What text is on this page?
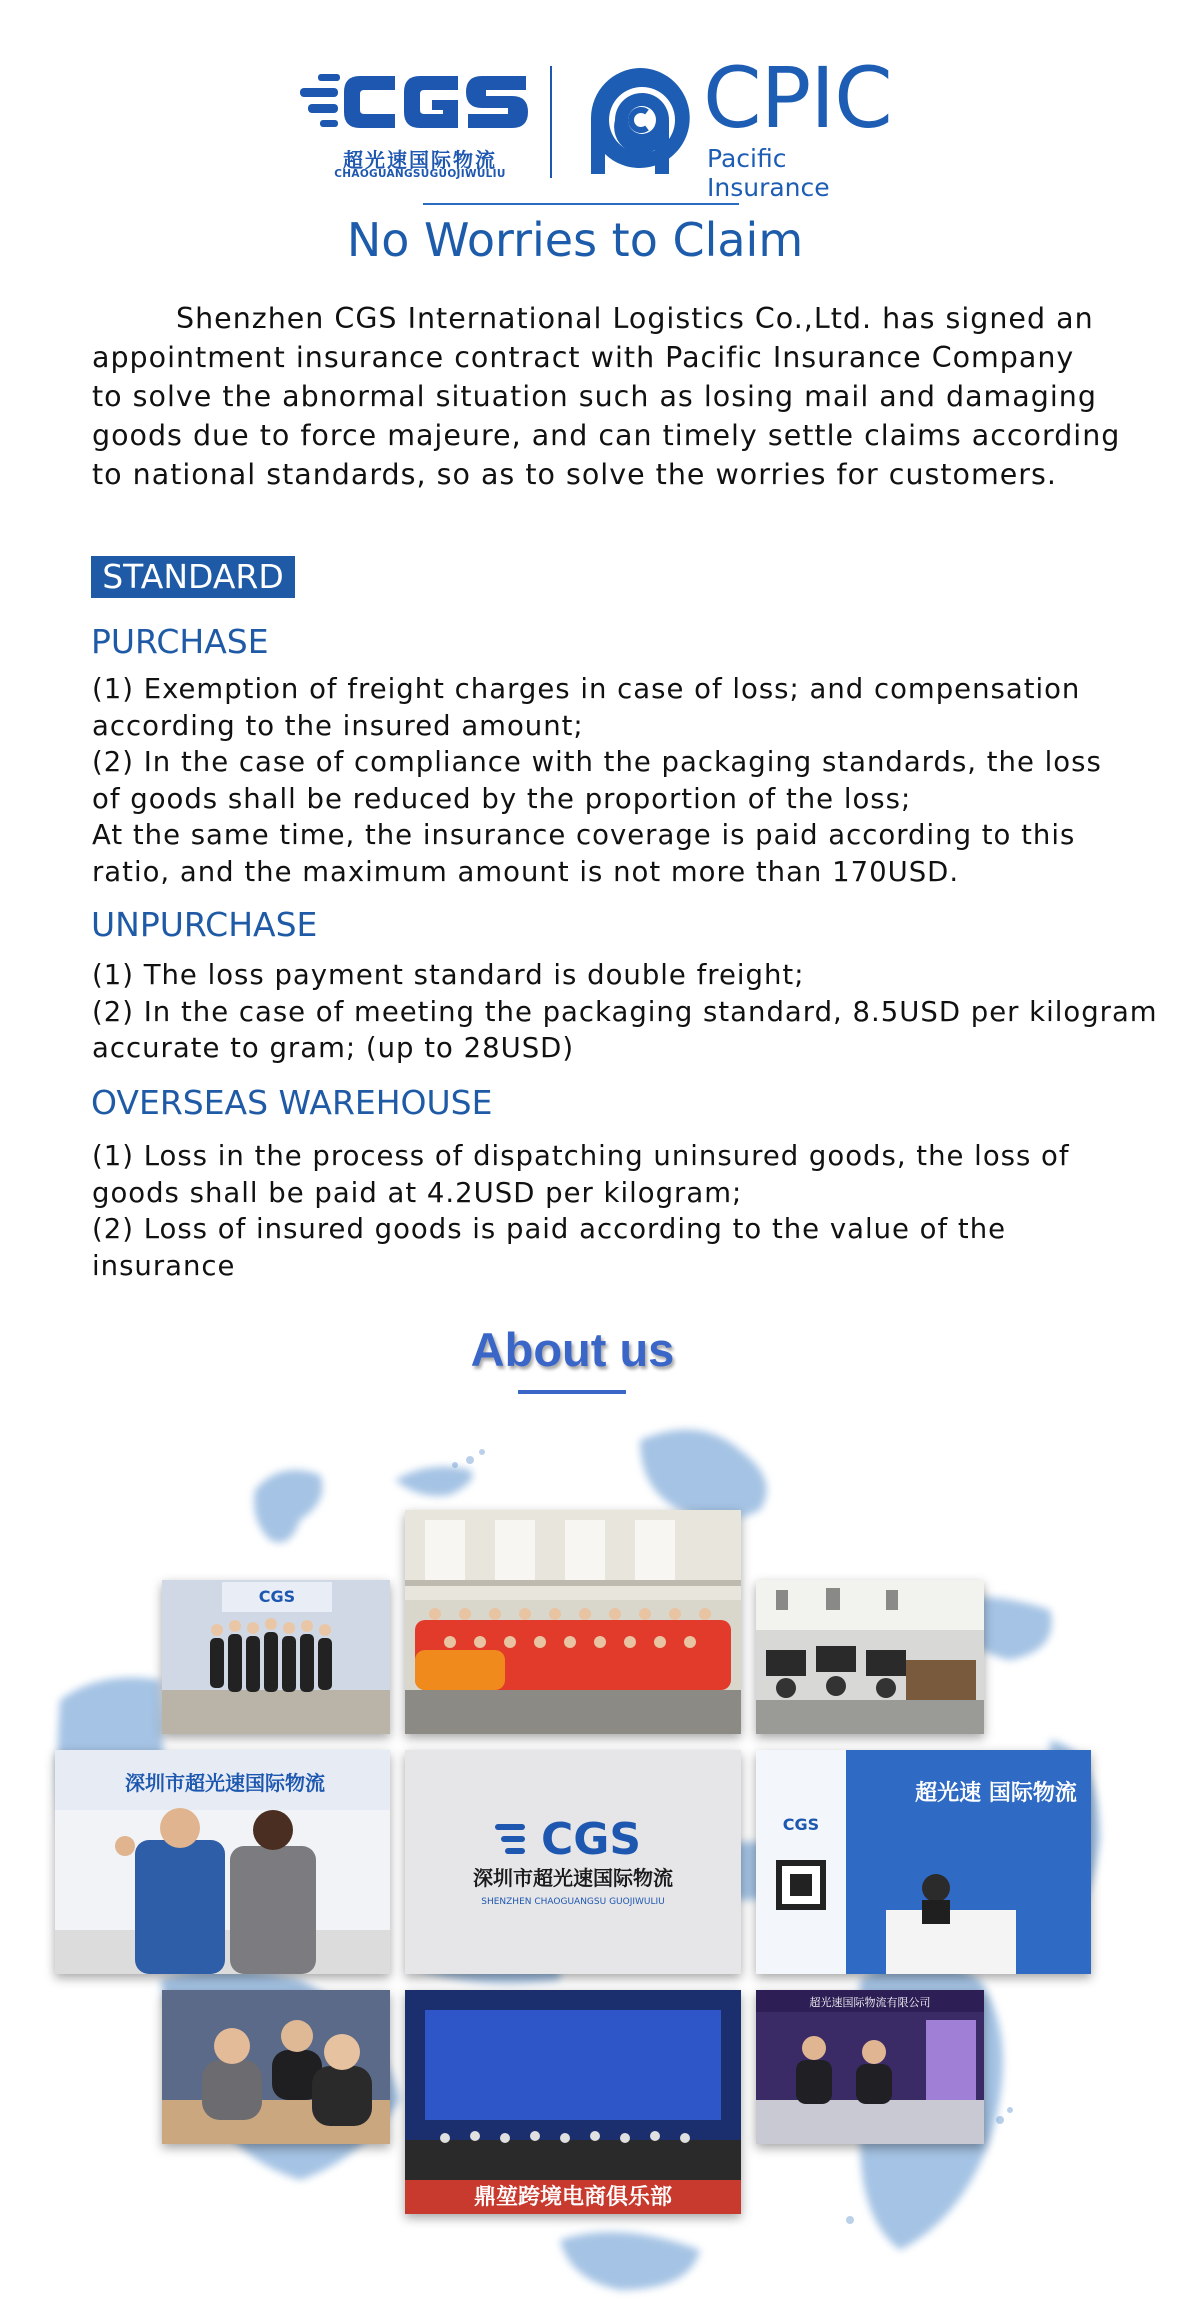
超光速国际物流
CHAOGUANGSUGUOJIWULIU
CPIC
Pacific Insurance
No Worries to Claim
Shenzhen CGS International Logistics Co.,Ltd. has signed an
appointment insurance contract with Pacific Insurance Company
to solve the abnormal situation such as losing mail and damaging
goods due to force majeure, and can timely settle claims according
to national standards, so as to solve the worries for customers.
STANDARD
PURCHASE
(1) Exemption of freight charges in case of loss; and compensation
according to the insured amount;
(2) In the case of compliance with the packaging standards, the loss
of goods shall be reduced by the proportion of the loss;
At the same time, the insurance coverage is paid according to this
ratio, and the maximum amount is not more than 170USD.
UNPURCHASE
(1) The loss payment standard is double freight;
(2) In the case of meeting the packaging standard, 8.5USD per kilogram
accurate to gram; (up to 28USD)
OVERSEAS WAREHOUSE
(1) Loss in the process of dispatching uninsured goods, the loss of
goods shall be paid at 4.2USD per kilogram;
(2) Loss of insured goods is paid according to the value of the
insurance
About us
CGS
深圳市超光速国际物流
CGS
深圳市超光速国际物流
SHENZHEN CHAOGUANGSU GUOJIWULIU
CGS
超光速 国际物流
鼎堃跨境电商俱乐部
超光速国际物流有限公司
